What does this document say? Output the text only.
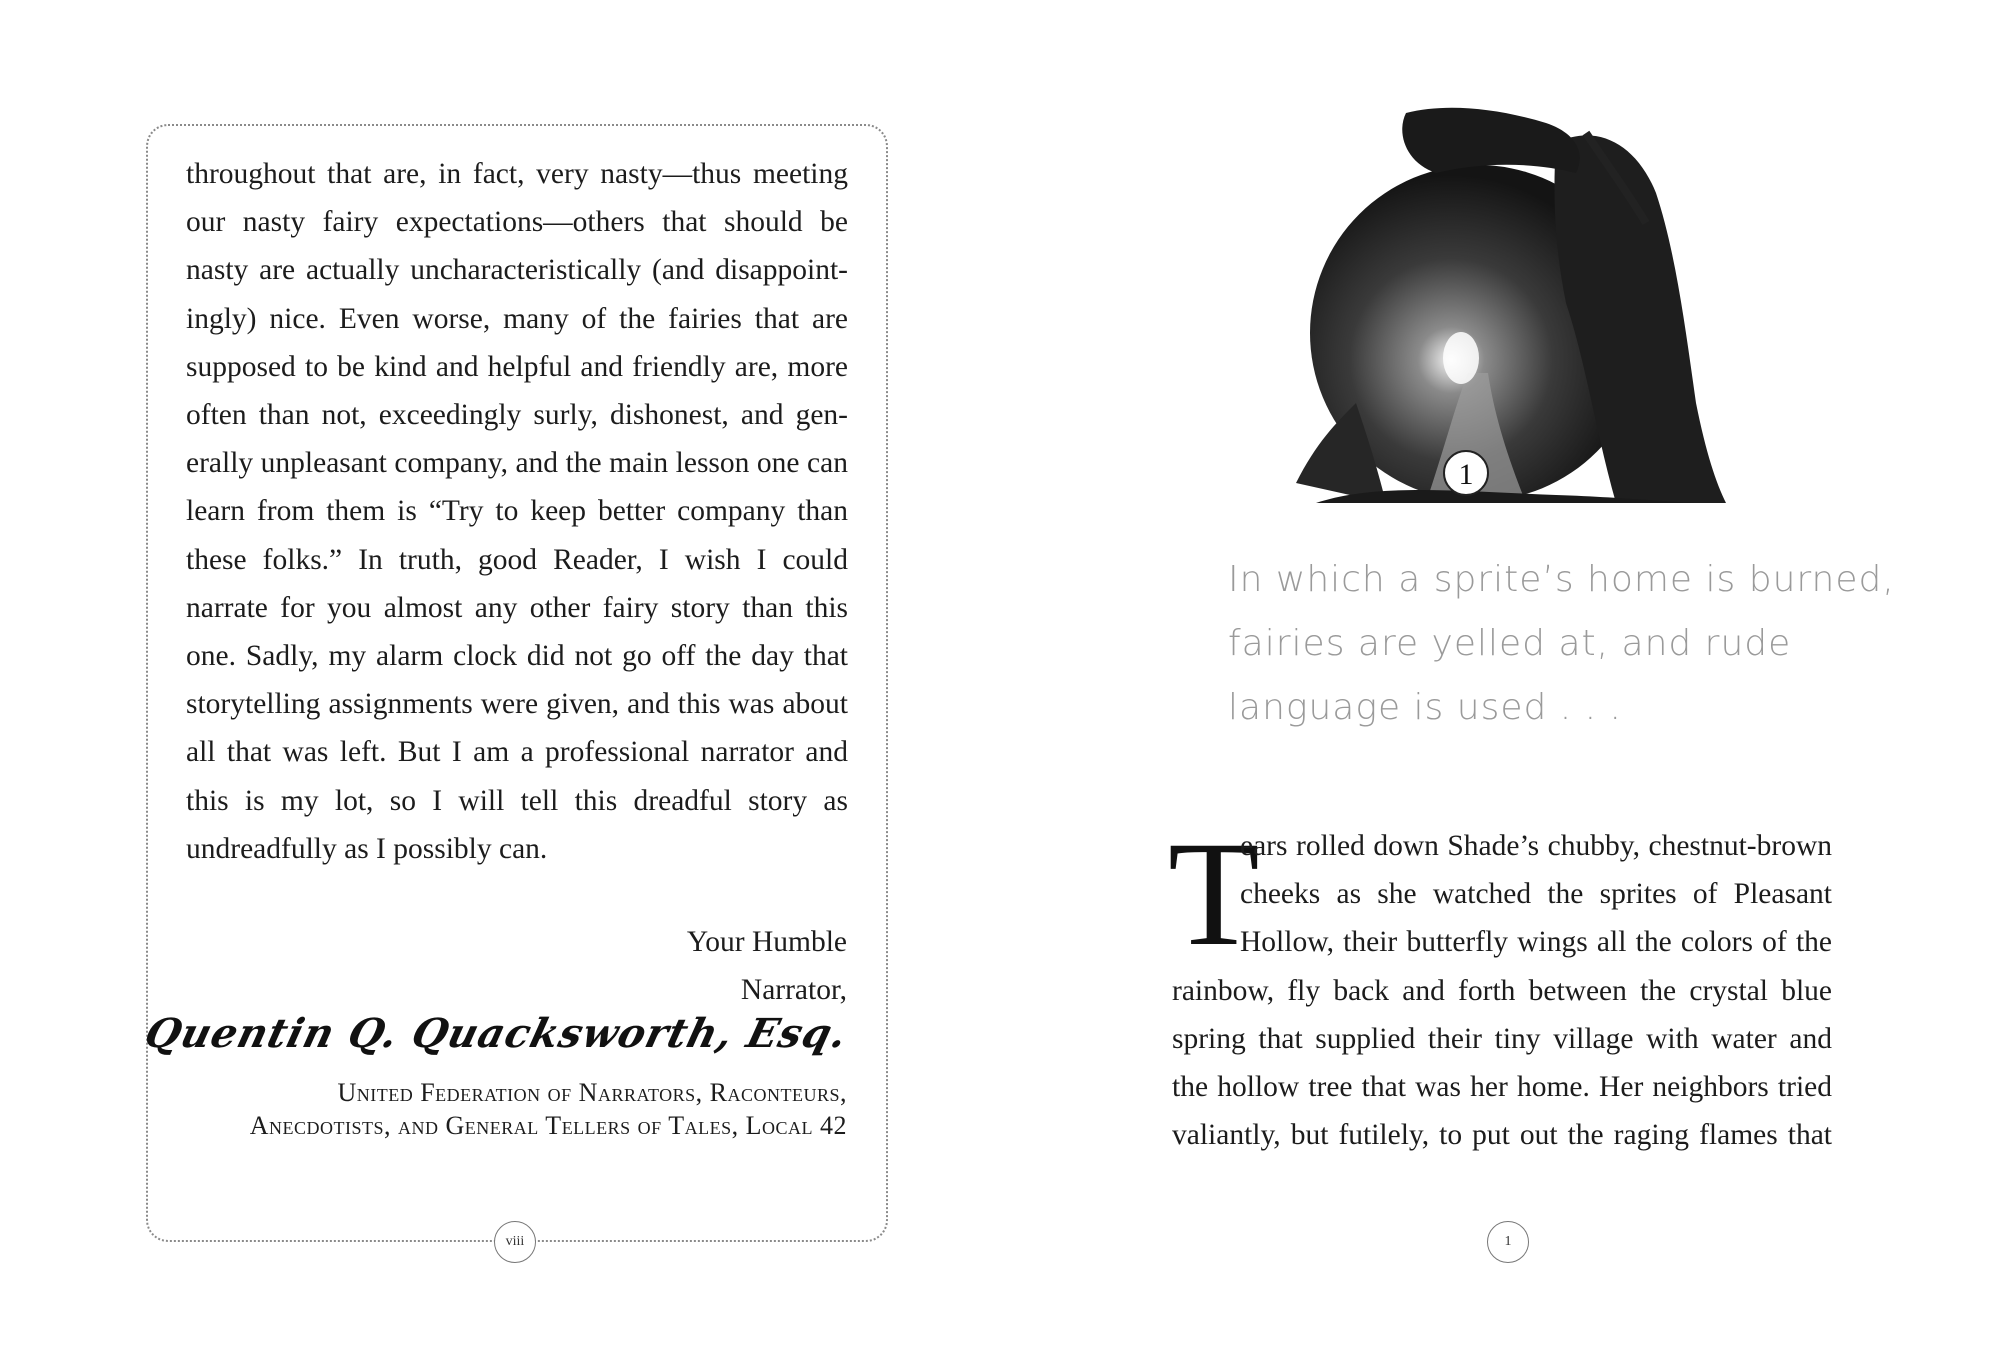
throughout that are, in fact, very nasty—thus meeting our nasty fairy expectations—others that should be nasty are actually uncharacteristically (and disappoint- ingly) nice. Even worse, many of the fairies that are supposed to be kind and helpful and friendly are, more often than not, exceedingly surly, dishonest, and gen- erally unpleasant company, and the main lesson one can learn from them is “Try to keep better company than these folks.” In truth, good Reader, I wish I could narrate for you almost any other fairy story than this one. Sadly, my alarm clock did not go off the day that storytelling assignments were given, and this was about all that was left. But I am a professional narrator and this is my lot, so I will tell this dreadful story as undreadfully as I possibly can.

Your Humble
Narrator,
Quentin Q. Quacksworth, Esq.
United Federation of Narrators, Raconteurs,
Anecdotists, and General Tellers of Tales, Local 42
viii
1
In which a sprite’s home is burned,
fairies are yelled at, and rude
language is used . . .
T
ears rolled down Shade’s chubby, chestnut-brown
cheeks as she watched the sprites of Pleasant
Hollow, their butterfly wings all the colors of the
rainbow, fly back and forth between the crystal blue
spring that supplied their tiny village with water and
the hollow tree that was her home. Her neighbors tried
valiantly, but futilely, to put out the raging flames that
1
